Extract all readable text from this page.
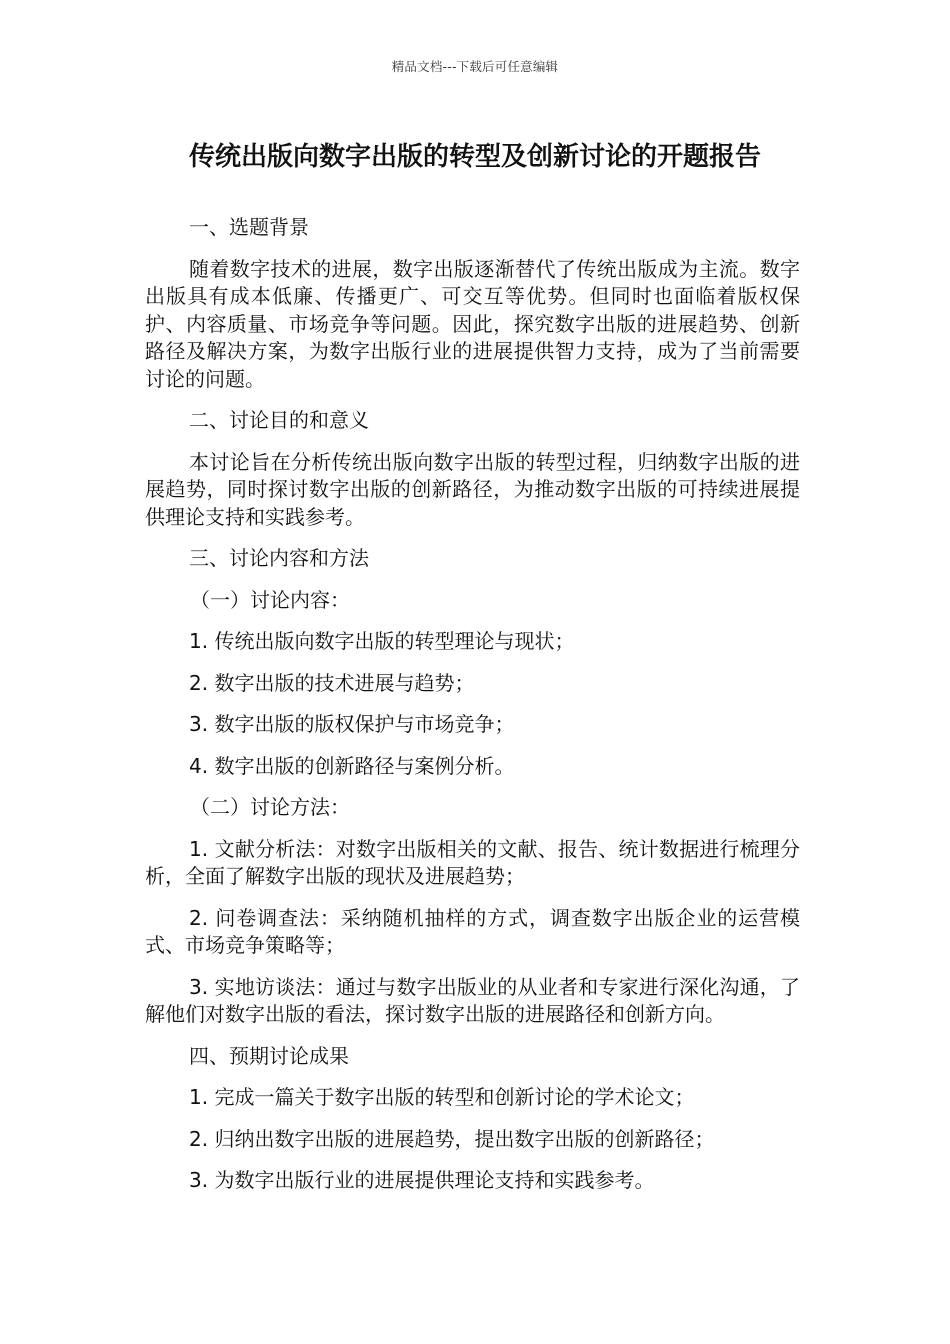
精品文档---下载后可任意编辑
传统出版向数字出版的转型及创新讨论的开题报告

一、选题背景

随着数字技术的进展，数字出版逐渐替代了传统出版成为主流。数字出版具有成本低廉、传播更广、可交互等优势。但同时也面临着版权保护、内容质量、市场竞争等问题。因此，探究数字出版的进展趋势、创新路径及解决方案，为数字出版行业的进展提供智力支持，成为了当前需要讨论的问题。

二、讨论目的和意义

本讨论旨在分析传统出版向数字出版的转型过程，归纳数字出版的进展趋势，同时探讨数字出版的创新路径，为推动数字出版的可持续进展提供理论支持和实践参考。

三、讨论内容和方法

（一）讨论内容：

1. 传统出版向数字出版的转型理论与现状；

2. 数字出版的技术进展与趋势；

3. 数字出版的版权保护与市场竞争；

4. 数字出版的创新路径与案例分析。

（二）讨论方法：

1. 文献分析法：对数字出版相关的文献、报告、统计数据进行梳理分析，全面了解数字出版的现状及进展趋势；

2. 问卷调查法：采纳随机抽样的方式，调查数字出版企业的运营模式、市场竞争策略等；

3. 实地访谈法：通过与数字出版业的从业者和专家进行深化沟通，了解他们对数字出版的看法，探讨数字出版的进展路径和创新方向。

四、预期讨论成果

1. 完成一篇关于数字出版的转型和创新讨论的学术论文；

2. 归纳出数字出版的进展趋势，提出数字出版的创新路径；

3. 为数字出版行业的进展提供理论支持和实践参考。
